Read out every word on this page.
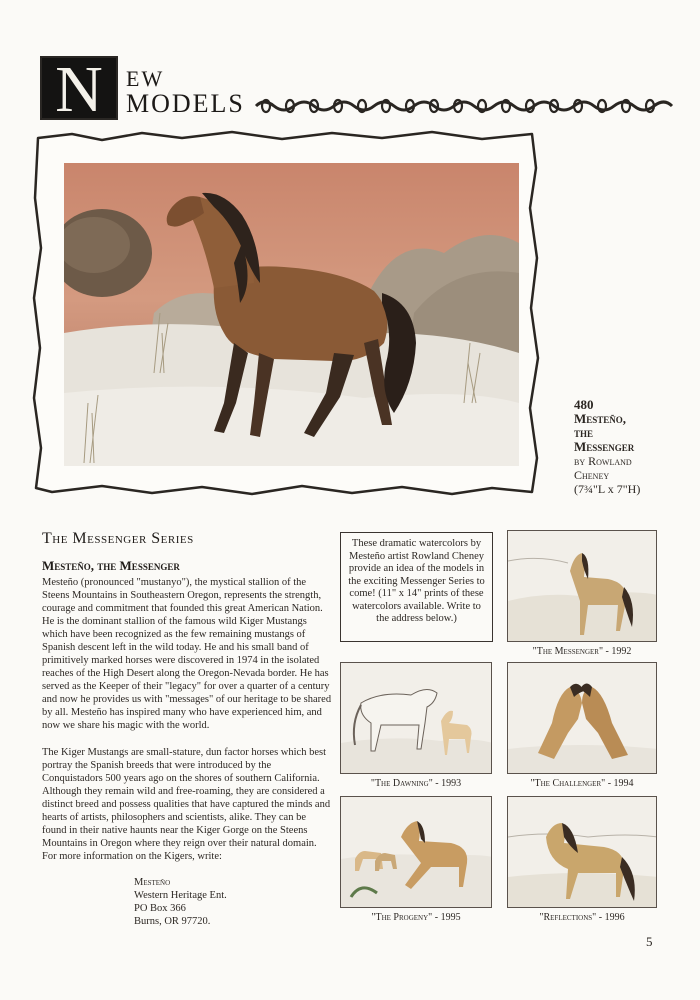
N	EW
MODELS
480
Mesteño,
the
Messenger
by Rowland
Cheney
(7¾"L x 7"H)
The Messenger Series
Mesteño, the Messenger
Mesteño (pronounced "mustanyo"), the mystical stallion of the Steens Mountains in Southeastern Oregon, represents the strength, courage and commitment that founded this great American Nation. He is the dominant stallion of the famous wild Kiger Mustangs which have been recognized as the few remaining mustangs of Spanish descent left in the wild today. He and his small band of primitively marked horses were discovered in 1974 in the isolated reaches of the High Desert along the Oregon-Nevada border. He has served as the Keeper of their "legacy" for over a quarter of a century and now he provides us with "messages" of our heritage to be shared by all. Mesteño has inspired many who have experienced him, and now we share his magic with the world.
The Kiger Mustangs are small-stature, dun factor horses which best portray the Spanish breeds that were introduced by the Conquistadors 500 years ago on the shores of southern California. Although they remain wild and free-roaming, they are considered a distinct breed and possess qualities that have captured the minds and hearts of artists, philosophers and scientists, alike. They can be found in their native haunts near the Kiger Gorge on the Steens Mountains in Oregon where they reign over their natural domain. For more information on the Kigers, write:
Mesteño
Western Heritage Ent.
PO Box 366
Burns, OR 97720.
These dramatic watercolors by Mesteño artist Rowland Cheney provide an idea of the models in the exciting Messenger Series to come! (11" x 14" prints of these watercolors available. Write to the address below.)
"The Messenger" - 1992
"The Dawning" - 1993	"The Challenger" - 1994
"The Progeny" - 1995	"Reflections" - 1996
5
